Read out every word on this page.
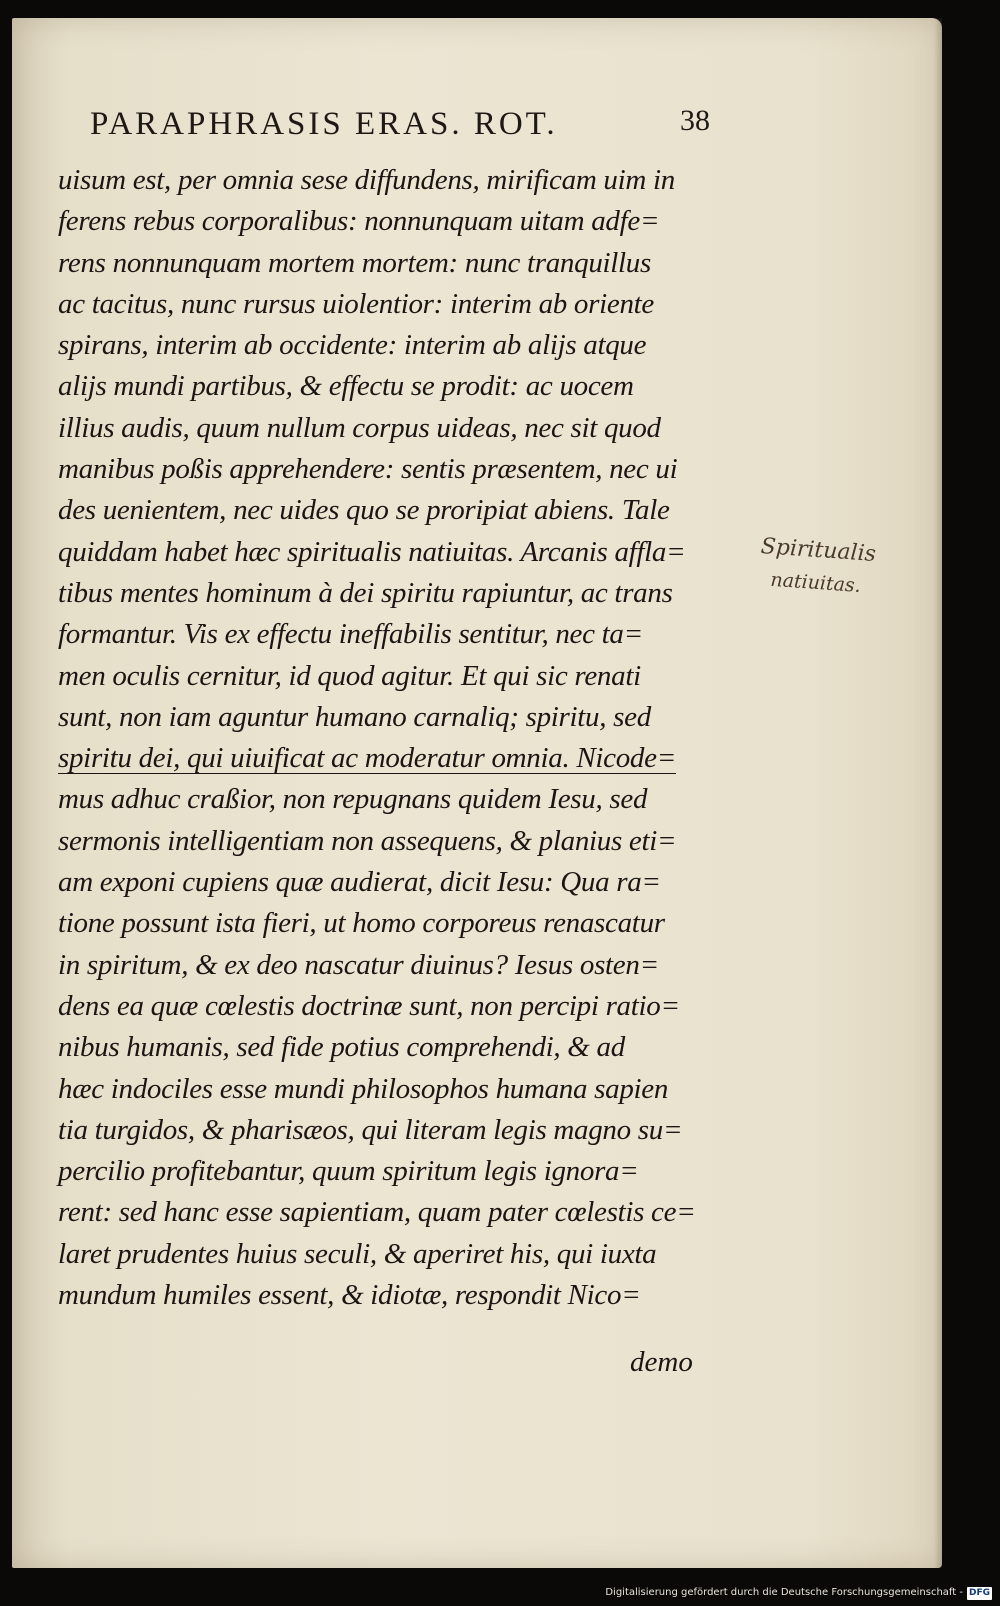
PARAPHRASIS ERAS. ROT.	38
uisum est, per omnia sese diffundens, mirificam uim in
ferens rebus corporalibus: nonnunquam uitam adfe=
rens nonnunquam mortem mortem: nunc tranquillus
ac tacitus, nunc rursus uiolentior: interim ab oriente
spirans, interim ab occidente: interim ab alijs atque
alijs mundi partibus, & effectu se prodit: ac uocem
illius audis, quum nullum corpus uideas, nec sit quod
manibus poßis apprehendere: sentis præsentem, nec ui
des uenientem, nec uides quo se proripiat abiens. Tale
quiddam habet hæc spiritualis natiuitas. Arcanis affla=
tibus mentes hominum à dei spiritu rapiuntur, ac trans
formantur. Vis ex effectu ineffabilis sentitur, nec ta=
men oculis cernitur, id quod agitur. Et qui sic renati
sunt, non iam aguntur humano carnaliq; spiritu, sed
spiritu dei, qui uiuificat ac moderatur omnia. Nicode=
mus adhuc craßior, non repugnans quidem Iesu, sed
sermonis intelligentiam non assequens, & planius eti=
am exponi cupiens quæ audierat, dicit Iesu: Qua ra=
tione possunt ista fieri, ut homo corporeus renascatur
in spiritum, & ex deo nascatur diuinus? Iesus osten=
dens ea quæ cœlestis doctrinæ sunt, non percipi ratio=
nibus humanis, sed fide potius comprehendi, & ad
hæc indociles esse mundi philosophos humana sapien
tia turgidos, & pharisæos, qui literam legis magno su=
percilio profitebantur, quum spiritum legis ignora=
rent: sed hanc esse sapientiam, quam pater cœlestis ce=
laret prudentes huius seculi, & aperiret his, qui iuxta
mundum humiles essent, & idiotæ, respondit Nico=
demo
Spiritualis
natiuitas.
Digitalisierung gefördert durch die Deutsche Forschungsgemeinschaft - DFG
